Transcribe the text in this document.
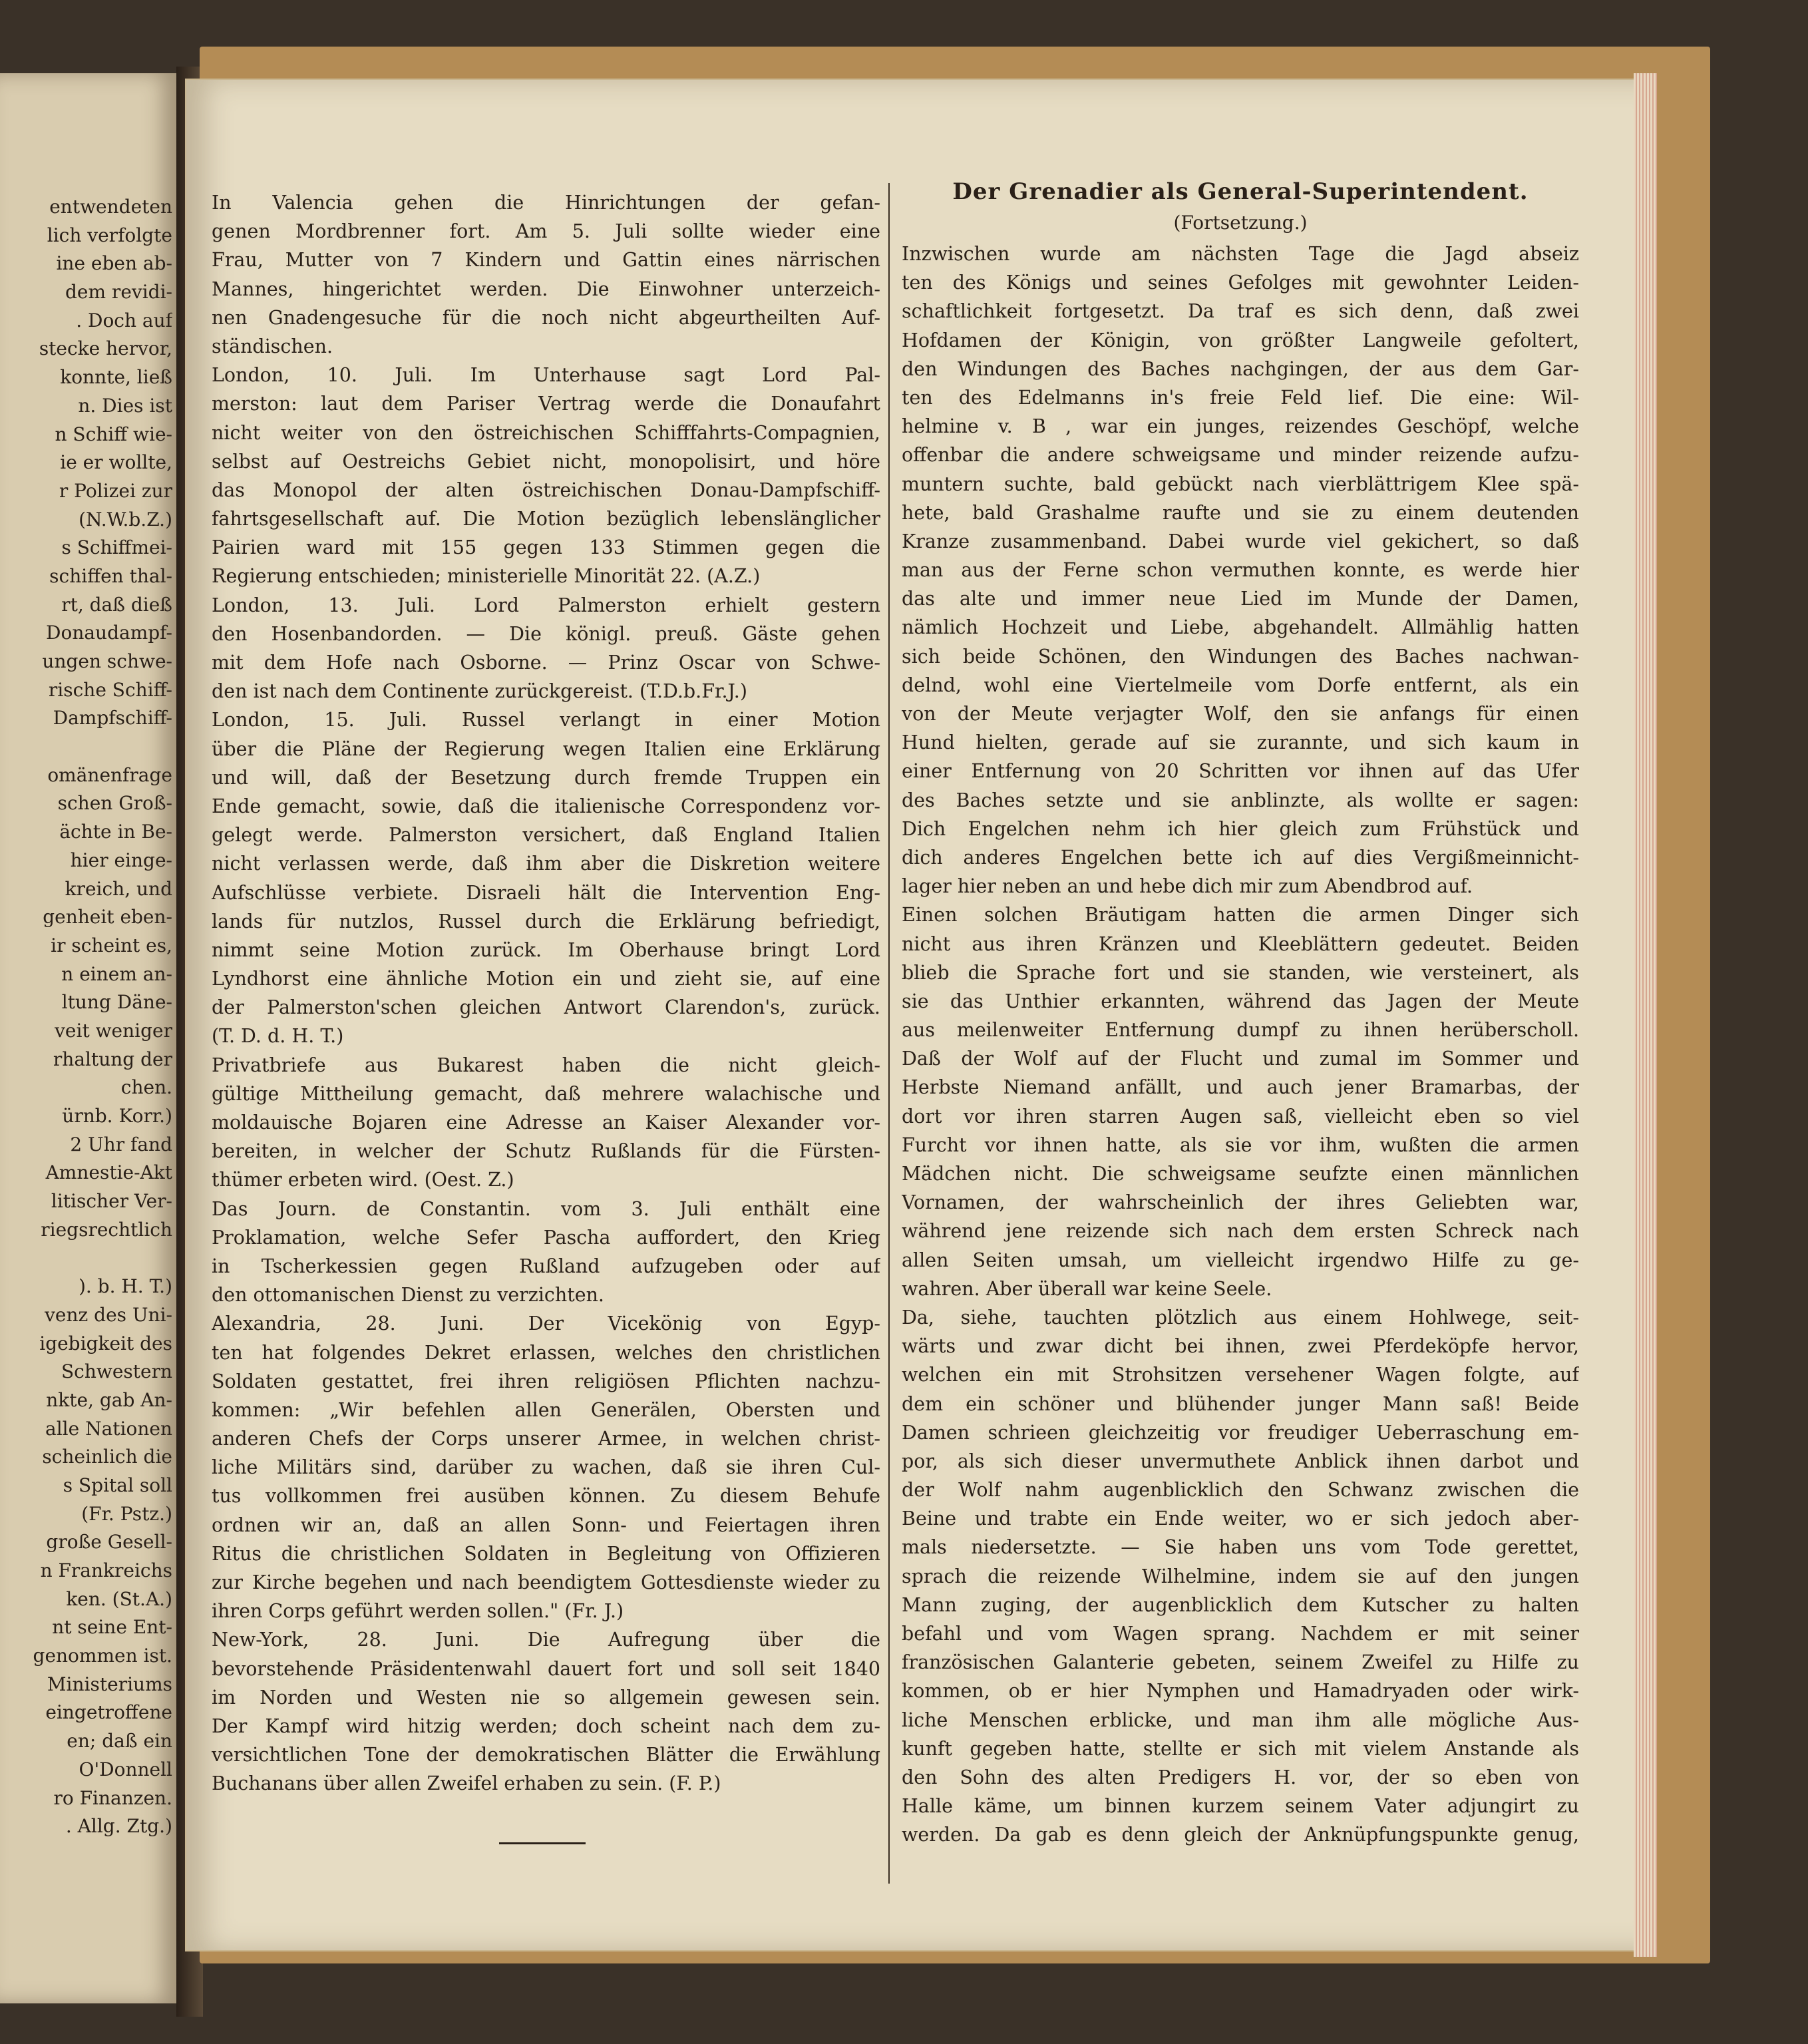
entwendeten
lich verfolgte
ine eben ab-
dem revidi-
. Doch auf
stecke hervor,
konnte, ließ
n. Dies ist
n Schiff wie-
ie er wollte,
r Polizei zur
(N.W.b.Z.)
s Schiffmei-
schiffen thal-
rt, daß dieß
Donaudampf-
ungen schwe-
rische Schiff-
Dampfschiff-
omänenfrage
schen Groß-
ächte in Be-
hier einge-
kreich, und
genheit eben-
ir scheint es,
n einem an-
ltung Däne-
veit weniger
rhaltung der
chen.
ürnb. Korr.)
2 Uhr fand
Amnestie-Akt
litischer Ver-
riegsrechtlich
). b. H. T.)
venz des Uni-
igebigkeit des
Schwestern
nkte, gab An-
alle Nationen
scheinlich die
s Spital soll
(Fr. Pstz.)
große Gesell-
n Frankreichs
ken. (St.A.)
nt seine Ent-
genommen ist.
Ministeriums
eingetroffene
en; daß ein
O'Donnell
ro Finanzen.
. Allg. Ztg.)

In Valencia gehen die Hinrichtungen der gefan-

genen Mordbrenner fort. Am 5. Juli sollte wieder eine

Frau, Mutter von 7 Kindern und Gattin eines närrischen

Mannes, hingerichtet werden. Die Einwohner unterzeich-

nen Gnadengesuche für die noch nicht abgeurtheilten Auf-

ständischen.

London, 10. Juli. Im Unterhause sagt Lord Pal-

merston: laut dem Pariser Vertrag werde die Donaufahrt

nicht weiter von den östreichischen Schifffahrts-Compagnien,

selbst auf Oestreichs Gebiet nicht, monopolisirt, und höre

das Monopol der alten östreichischen Donau-Dampfschiff-

fahrtsgesellschaft auf. Die Motion bezüglich lebenslänglicher

Pairien ward mit 155 gegen 133 Stimmen gegen die

Regierung entschieden; ministerielle Minorität 22. (A.Z.)

London, 13. Juli. Lord Palmerston erhielt gestern

den Hosenbandorden. — Die königl. preuß. Gäste gehen

mit dem Hofe nach Osborne. — Prinz Oscar von Schwe-

den ist nach dem Continente zurückgereist. (T.D.b.Fr.J.)

London, 15. Juli. Russel verlangt in einer Motion

über die Pläne der Regierung wegen Italien eine Erklärung

und will, daß der Besetzung durch fremde Truppen ein

Ende gemacht, sowie, daß die italienische Correspondenz vor-

gelegt werde. Palmerston versichert, daß England Italien

nicht verlassen werde, daß ihm aber die Diskretion weitere

Aufschlüsse verbiete. Disraeli hält die Intervention Eng-

lands für nutzlos, Russel durch die Erklärung befriedigt,

nimmt seine Motion zurück. Im Oberhause bringt Lord

Lyndhorst eine ähnliche Motion ein und zieht sie, auf eine

der Palmerston'schen gleichen Antwort Clarendon's, zurück.

(T. D. d. H. T.)

Privatbriefe aus Bukarest haben die nicht gleich-

gültige Mittheilung gemacht, daß mehrere walachische und

moldauische Bojaren eine Adresse an Kaiser Alexander vor-

bereiten, in welcher der Schutz Rußlands für die Fürsten-

thümer erbeten wird. (Oest. Z.)

Das Journ. de Constantin. vom 3. Juli enthält eine

Proklamation, welche Sefer Pascha auffordert, den Krieg

in Tscherkessien gegen Rußland aufzugeben oder auf

den ottomanischen Dienst zu verzichten.

Alexandria, 28. Juni. Der Vicekönig von Egyp-

ten hat folgendes Dekret erlassen, welches den christlichen

Soldaten gestattet, frei ihren religiösen Pflichten nachzu-

kommen: „Wir befehlen allen Generälen, Obersten und

anderen Chefs der Corps unserer Armee, in welchen christ-

liche Militärs sind, darüber zu wachen, daß sie ihren Cul-

tus vollkommen frei ausüben können. Zu diesem Behufe

ordnen wir an, daß an allen Sonn- und Feiertagen ihren

Ritus die christlichen Soldaten in Begleitung von Offizieren

zur Kirche begehen und nach beendigtem Gottesdienste wieder zu

ihren Corps geführt werden sollen." (Fr. J.)

New-York, 28. Juni. Die Aufregung über die

bevorstehende Präsidentenwahl dauert fort und soll seit 1840

im Norden und Westen nie so allgemein gewesen sein.

Der Kampf wird hitzig werden; doch scheint nach dem zu-

versichtlichen Tone der demokratischen Blätter die Erwählung

Buchanans über allen Zweifel erhaben zu sein. (F. P.)

Der Grenadier als General-Superintendent.
(Fortsetzung.)

Inzwischen wurde am nächsten Tage die Jagd abseiz

ten des Königs und seines Gefolges mit gewohnter Leiden-

schaftlichkeit fortgesetzt. Da traf es sich denn, daß zwei

Hofdamen der Königin, von größter Langweile gefoltert,

den Windungen des Baches nachgingen, der aus dem Gar-

ten des Edelmanns in's freie Feld lief. Die eine: Wil-

helmine v. B , war ein junges, reizendes Geschöpf, welche

offenbar die andere schweigsame und minder reizende aufzu-

muntern suchte, bald gebückt nach vierblättrigem Klee spä-

hete, bald Grashalme raufte und sie zu einem deutenden

Kranze zusammenband. Dabei wurde viel gekichert, so daß

man aus der Ferne schon vermuthen konnte, es werde hier

das alte und immer neue Lied im Munde der Damen,

nämlich Hochzeit und Liebe, abgehandelt. Allmählig hatten

sich beide Schönen, den Windungen des Baches nachwan-

delnd, wohl eine Viertelmeile vom Dorfe entfernt, als ein

von der Meute verjagter Wolf, den sie anfangs für einen

Hund hielten, gerade auf sie zurannte, und sich kaum in

einer Entfernung von 20 Schritten vor ihnen auf das Ufer

des Baches setzte und sie anblinzte, als wollte er sagen:

Dich Engelchen nehm ich hier gleich zum Frühstück und

dich anderes Engelchen bette ich auf dies Vergißmeinnicht-

lager hier neben an und hebe dich mir zum Abendbrod auf.

Einen solchen Bräutigam hatten die armen Dinger sich

nicht aus ihren Kränzen und Kleeblättern gedeutet. Beiden

blieb die Sprache fort und sie standen, wie versteinert, als

sie das Unthier erkannten, während das Jagen der Meute

aus meilenweiter Entfernung dumpf zu ihnen herüberscholl.

Daß der Wolf auf der Flucht und zumal im Sommer und

Herbste Niemand anfällt, und auch jener Bramarbas, der

dort vor ihren starren Augen saß, vielleicht eben so viel

Furcht vor ihnen hatte, als sie vor ihm, wußten die armen

Mädchen nicht. Die schweigsame seufzte einen männlichen

Vornamen, der wahrscheinlich der ihres Geliebten war,

während jene reizende sich nach dem ersten Schreck nach

allen Seiten umsah, um vielleicht irgendwo Hilfe zu ge-

wahren. Aber überall war keine Seele.

Da, siehe, tauchten plötzlich aus einem Hohlwege, seit-

wärts und zwar dicht bei ihnen, zwei Pferdeköpfe hervor,

welchen ein mit Strohsitzen versehener Wagen folgte, auf

dem ein schöner und blühender junger Mann saß! Beide

Damen schrieen gleichzeitig vor freudiger Ueberraschung em-

por, als sich dieser unvermuthete Anblick ihnen darbot und

der Wolf nahm augenblicklich den Schwanz zwischen die

Beine und trabte ein Ende weiter, wo er sich jedoch aber-

mals niedersetzte. — Sie haben uns vom Tode gerettet,

sprach die reizende Wilhelmine, indem sie auf den jungen

Mann zuging, der augenblicklich dem Kutscher zu halten

befahl und vom Wagen sprang. Nachdem er mit seiner

französischen Galanterie gebeten, seinem Zweifel zu Hilfe zu

kommen, ob er hier Nymphen und Hamadryaden oder wirk-

liche Menschen erblicke, und man ihm alle mögliche Aus-

kunft gegeben hatte, stellte er sich mit vielem Anstande als

den Sohn des alten Predigers H. vor, der so eben von

Halle käme, um binnen kurzem seinem Vater adjungirt zu

werden. Da gab es denn gleich der Anknüpfungspunkte genug,
